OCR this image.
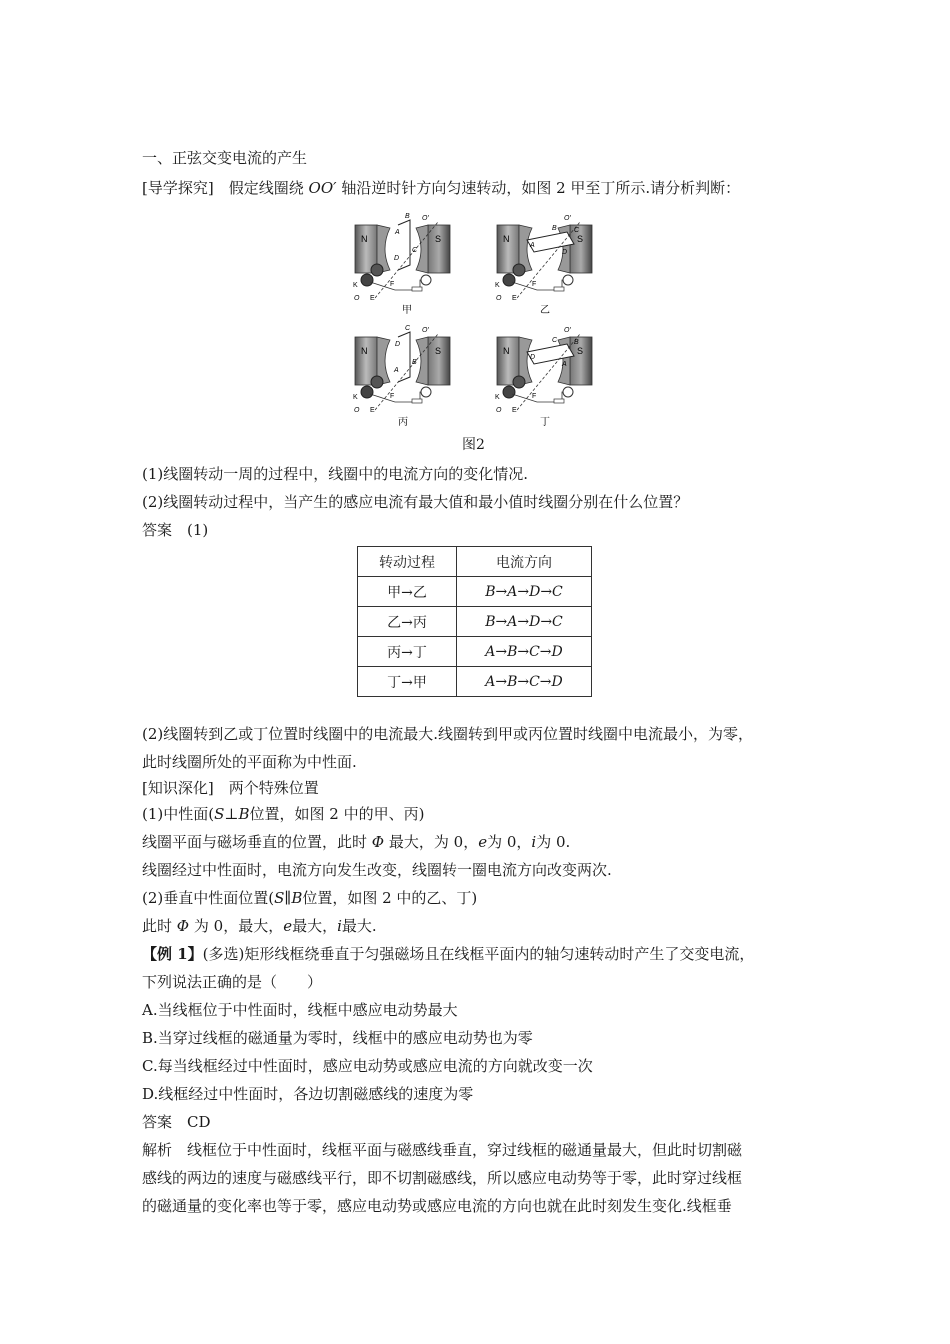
一、正弦交变电流的产生
[导学探究]　 假定线圈绕 OO′ 轴沿逆时针方向匀速转动，如图 2 甲至丁所示.请分析判断：
N	S
K
O E
F
B
A
C
D
O′
甲
N	S
K
O E
F
A
B
D
C
O′
乙
N	S
K
O E
F
C
D
B
A
O′
丙
N	S
K
O E
F
D
C
A
B
O′
丁
图2
(1)线圈转动一周的过程中，线圈中的电流方向的变化情况.
(2)线圈转动过程中，当产生的感应电流有最大值和最小值时线圈分别在什么位置？
答案　(1)
转动过程	电流方向
甲→乙	B→A→D→C
乙→丙	B→A→D→C
丙→丁	A→B→C→D
丁→甲	A→B→C→D
(2)线圈转到乙或丁位置时线圈中的电流最大.线圈转到甲或丙位置时线圈中电流最小，为零，
此时线圈所处的平面称为中性面.
[知识深化]　 两个特殊位置
(1)中性面(S⊥B位置，如图 2 中的甲、丙)
线圈平面与磁场垂直的位置，此时 Φ 最大，为 0，e为 0，i为 0.
线圈经过中性面时，电流方向发生改变，线圈转一圈电流方向改变两次.
(2)垂直中性面位置(S∥B位置，如图 2 中的乙、丁)
此时 Φ 为 0，最大，e最大，i最大.
【例 1】(多选)矩形线框绕垂直于匀强磁场且在线框平面内的轴匀速转动时产生了交变电流，
下列说法正确的是（　　）
A.当线框位于中性面时，线框中感应电动势最大
B.当穿过线框的磁通量为零时，线框中的感应电动势也为零
C.每当线框经过中性面时，感应电动势或感应电流的方向就改变一次
D.线框经过中性面时，各边切割磁感线的速度为零
答案　CD
解析　线框位于中性面时，线框平面与磁感线垂直，穿过线框的磁通量最大，但此时切割磁
感线的两边的速度与磁感线平行，即不切割磁感线，所以感应电动势等于零，此时穿过线框
的磁通量的变化率也等于零，感应电动势或感应电流的方向也就在此时刻发生变化.线框垂
